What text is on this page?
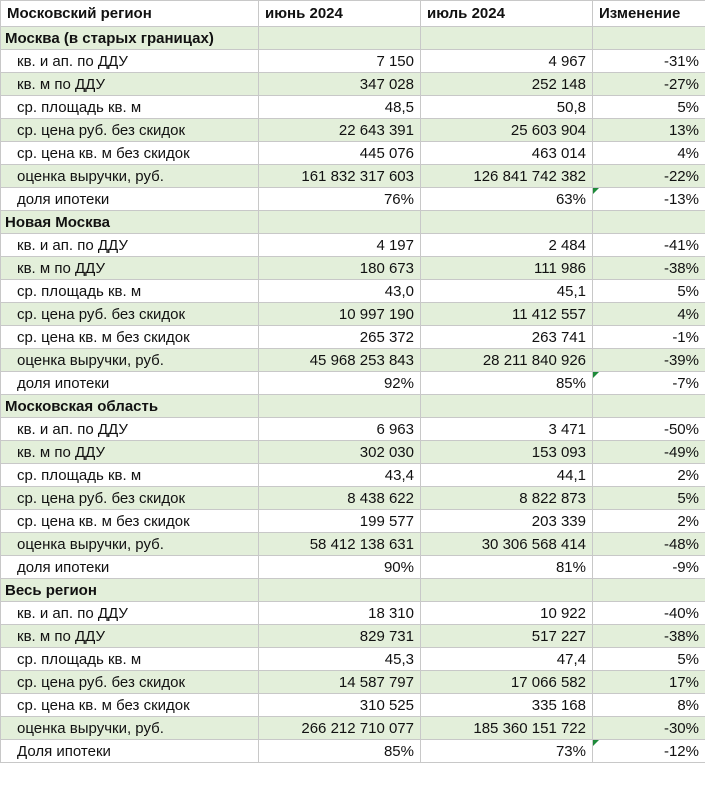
Московский регион	июнь 2024	июль 2024	Изменение
Москва (в старых границах)			
кв. и ап. по ДДУ	7 150	4 967	-31%
кв. м по ДДУ	347 028	252 148	-27%
ср. площадь кв. м	48,5	50,8	5%
ср. цена руб. без скидок	22 643 391	25 603 904	13%
ср. цена кв. м без скидок	445 076	463 014	4%
оценка выручки, руб.	161 832 317 603	126 841 742 382	-22%
доля ипотеки	76%	63%	-13%
Новая Москва			
кв. и ап. по ДДУ	4 197	2 484	-41%
кв. м по ДДУ	180 673	111 986	-38%
ср. площадь кв. м	43,0	45,1	5%
ср. цена руб. без скидок	10 997 190	11 412 557	4%
ср. цена кв. м без скидок	265 372	263 741	-1%
оценка выручки, руб.	45 968 253 843	28 211 840 926	-39%
доля ипотеки	92%	85%	-7%
Московская область			
кв. и ап. по ДДУ	6 963	3 471	-50%
кв. м по ДДУ	302 030	153 093	-49%
ср. площадь кв. м	43,4	44,1	2%
ср. цена руб. без скидок	8 438 622	8 822 873	5%
ср. цена кв. м без скидок	199 577	203 339	2%
оценка выручки, руб.	58 412 138 631	30 306 568 414	-48%
доля ипотеки	90%	81%	-9%
Весь регион			
кв. и ап. по ДДУ	18 310	10 922	-40%
кв. м по ДДУ	829 731	517 227	-38%
ср. площадь кв. м	45,3	47,4	5%
ср. цена руб. без скидок	14 587 797	17 066 582	17%
ср. цена кв. м без скидок	310 525	335 168	8%
оценка выручки, руб.	266 212 710 077	185 360 151 722	-30%
Доля ипотеки	85%	73%	-12%
